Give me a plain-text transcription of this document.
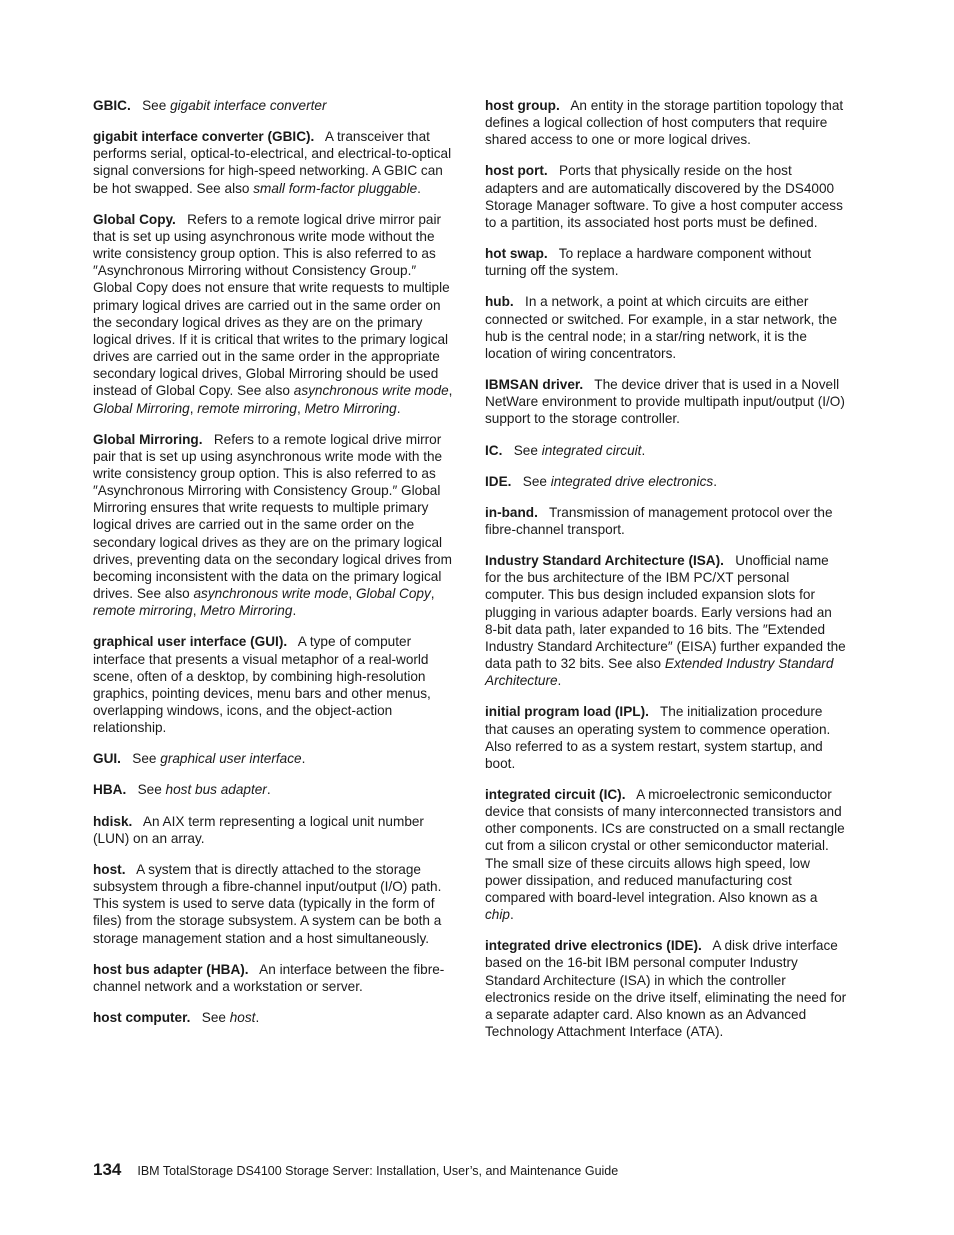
GBIC. See gigabit interface converter

gigabit interface converter (GBIC). A transceiver that performs serial, optical-to-electrical, and electrical-to-optical signal conversions for high-speed networking. A GBIC can be hot swapped. See also small form-factor pluggable.

Global Copy. Refers to a remote logical drive mirror pair that is set up using asynchronous write mode without the write consistency group option. This is also referred to as ″Asynchronous Mirroring without Consistency Group.″ Global Copy does not ensure that write requests to multiple primary logical drives are carried out in the same order on the secondary logical drives as they are on the primary logical drives. If it is critical that writes to the primary logical drives are carried out in the same order in the appropriate secondary logical drives, Global Mirroring should be used instead of Global Copy. See also asynchronous write mode, Global Mirroring, remote mirroring, Metro Mirroring.

Global Mirroring. Refers to a remote logical drive mirror pair that is set up using asynchronous write mode with the write consistency group option. This is also referred to as ″Asynchronous Mirroring with Consistency Group.″ Global Mirroring ensures that write requests to multiple primary logical drives are carried out in the same order on the secondary logical drives as they are on the primary logical drives, preventing data on the secondary logical drives from becoming inconsistent with the data on the primary logical drives. See also asynchronous write mode, Global Copy, remote mirroring, Metro Mirroring.

graphical user interface (GUI). A type of computer interface that presents a visual metaphor of a real-world scene, often of a desktop, by combining high-resolution graphics, pointing devices, menu bars and other menus, overlapping windows, icons, and the object-action relationship.

GUI. See graphical user interface.

HBA. See host bus adapter.

hdisk. An AIX term representing a logical unit number (LUN) on an array.

host. A system that is directly attached to the storage subsystem through a fibre-channel input/output (I/O) path. This system is used to serve data (typically in the form of files) from the storage subsystem. A system can be both a storage management station and a host simultaneously.

host bus adapter (HBA). An interface between the fibre-channel network and a workstation or server.

host computer. See host.

host group. An entity in the storage partition topology that defines a logical collection of host computers that require shared access to one or more logical drives.

host port. Ports that physically reside on the host adapters and are automatically discovered by the DS4000 Storage Manager software. To give a host computer access to a partition, its associated host ports must be defined.

hot swap. To replace a hardware component without turning off the system.

hub. In a network, a point at which circuits are either connected or switched. For example, in a star network, the hub is the central node; in a star/ring network, it is the location of wiring concentrators.

IBMSAN driver. The device driver that is used in a Novell NetWare environment to provide multipath input/output (I/O) support to the storage controller.

IC. See integrated circuit.

IDE. See integrated drive electronics.

in-band. Transmission of management protocol over the fibre-channel transport.

Industry Standard Architecture (ISA). Unofficial name for the bus architecture of the IBM PC/XT personal computer. This bus design included expansion slots for plugging in various adapter boards. Early versions had an 8-bit data path, later expanded to 16 bits. The ″Extended Industry Standard Architecture″ (EISA) further expanded the data path to 32 bits. See also Extended Industry Standard Architecture.

initial program load (IPL). The initialization procedure that causes an operating system to commence operation. Also referred to as a system restart, system startup, and boot.

integrated circuit (IC). A microelectronic semiconductor device that consists of many interconnected transistors and other components. ICs are constructed on a small rectangle cut from a silicon crystal or other semiconductor material. The small size of these circuits allows high speed, low power dissipation, and reduced manufacturing cost compared with board-level integration. Also known as a chip.

integrated drive electronics (IDE). A disk drive interface based on the 16-bit IBM personal computer Industry Standard Architecture (ISA) in which the controller electronics reside on the drive itself, eliminating the need for a separate adapter card. Also known as an Advanced Technology Attachment Interface (ATA).

134 IBM TotalStorage DS4100 Storage Server: Installation, User’s, and Maintenance Guide
